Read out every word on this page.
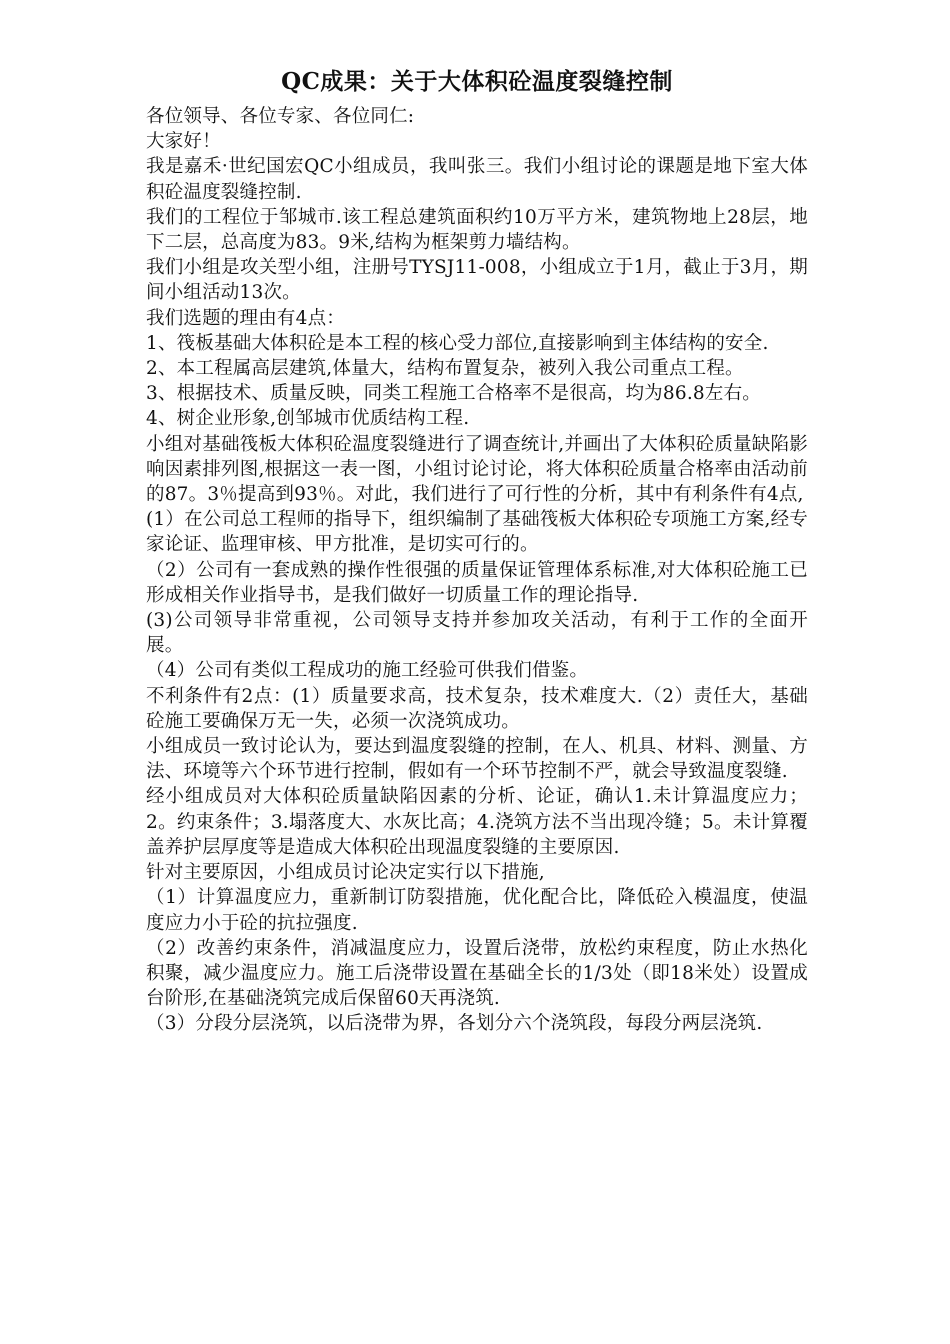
QC成果：关于大体积砼温度裂缝控制

各位领导、各位专家、各位同仁:

大家好！

我是嘉禾·世纪国宏QC小组成员，我叫张三。我们小组讨论的课题是地下室大体积砼温度裂缝控制.

我们的工程位于邹城市.该工程总建筑面积约10万平方米，建筑物地上28层，地下二层，总高度为83。9米,结构为框架剪力墙结构。

我们小组是攻关型小组，注册号TYSJ11-008，小组成立于1月，截止于3月，期间小组活动13次。

我们选题的理由有4点：

1、筏板基础大体积砼是本工程的核心受力部位,直接影响到主体结构的安全.

2、本工程属高层建筑,体量大，结构布置复杂，被列入我公司重点工程。

3、根据技术、质量反映，同类工程施工合格率不是很高，均为86.8左右。

4、树企业形象,创邹城市优质结构工程.

小组对基础筏板大体积砼温度裂缝进行了调查统计,并画出了大体积砼质量缺陷影响因素排列图,根据这一表一图，小组讨论讨论，将大体积砼质量合格率由活动前的87。3％提高到93％。对此，我们进行了可行性的分析，其中有利条件有4点,

(1）在公司总工程师的指导下，组织编制了基础筏板大体积砼专项施工方案,经专家论证、监理审核、甲方批准，是切实可行的。

（2）公司有一套成熟的操作性很强的质量保证管理体系标准,对大体积砼施工已形成相关作业指导书，是我们做好一切质量工作的理论指导.

(3)公司领导非常重视，公司领导支持并参加攻关活动，有利于工作的全面开展。

（4）公司有类似工程成功的施工经验可供我们借鉴。

不利条件有2点：(1）质量要求高，技术复杂，技术难度大.（2）责任大，基础砼施工要确保万无一失，必须一次浇筑成功。

小组成员一致讨论认为，要达到温度裂缝的控制，在人、机具、材料、测量、方法、环境等六个环节进行控制，假如有一个环节控制不严，就会导致温度裂缝.

经小组成员对大体积砼质量缺陷因素的分析、论证，确认1.未计算温度应力；2。约束条件；3.塌落度大、水灰比高；4.浇筑方法不当出现冷缝；5。未计算覆盖养护层厚度等是造成大体积砼出现温度裂缝的主要原因.

针对主要原因，小组成员讨论决定实行以下措施,

（1）计算温度应力，重新制订防裂措施，优化配合比，降低砼入模温度，使温度应力小于砼的抗拉强度.

（2）改善约束条件，消减温度应力，设置后浇带，放松约束程度，防止水热化积聚，减少温度应力。施工后浇带设置在基础全长的1/3处（即18米处）设置成台阶形,在基础浇筑完成后保留60天再浇筑.

（3）分段分层浇筑，以后浇带为界，各划分六个浇筑段，每段分两层浇筑.
